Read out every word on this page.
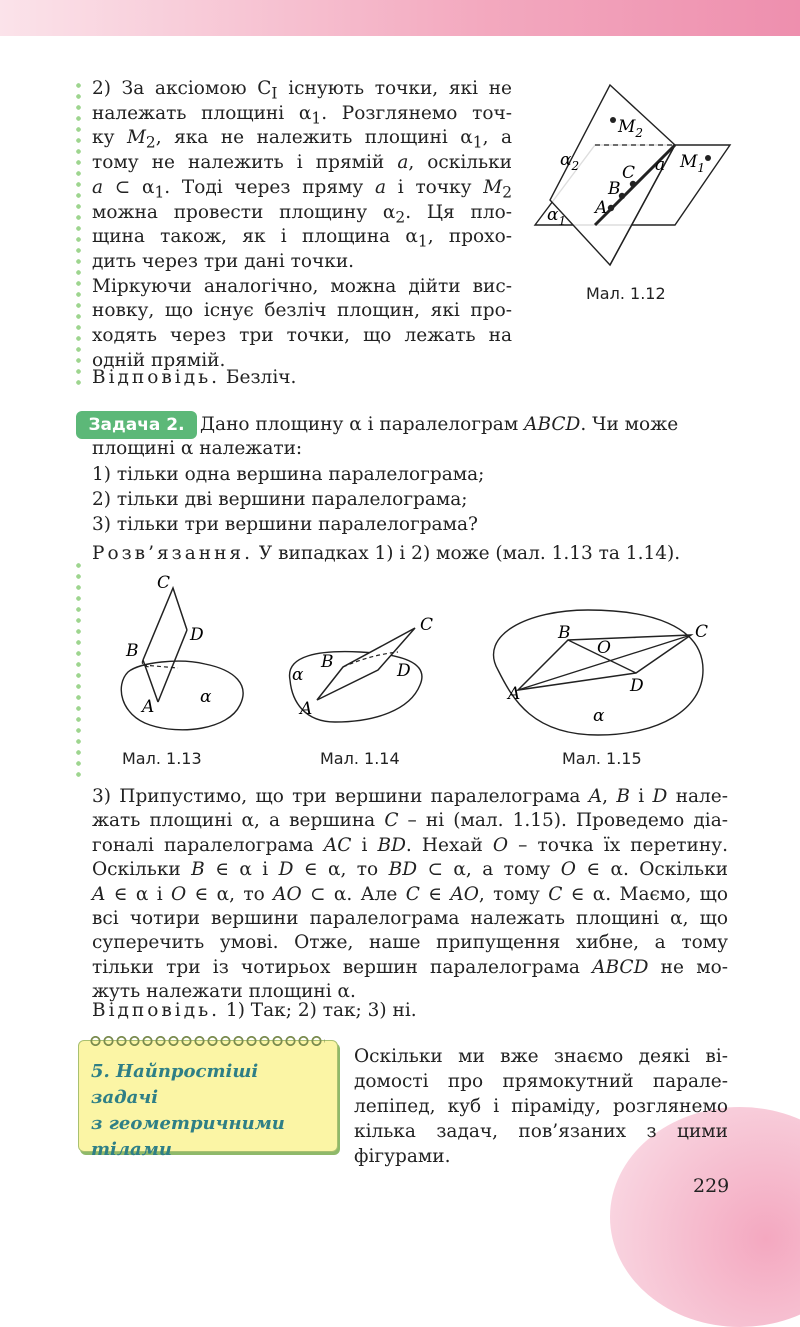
2) За аксіомою $C_I$ існують точки, які не

належать площині $\alpha_1$. Розглянемо точ-

ку $M_2$, яка не належить площині $\alpha_1$, а

тому не належить і прямій a, оскільки

a ⊂ $\alpha_1$. Тоді через пряму a і точку $M_2$

можна провести площину $\alpha_2$. Ця пло-

щина також, як і площина $\alpha_1$, прохо-

дить через три дані точки.

Міркуючи аналогічно, можна дійти вис-

новку, що існує безліч площин, які про-

ходять через три точки, що лежать на

одній прямій.

Відповідь. Безліч.

$M_2$
$M_1$
$\alpha_2$
$\alpha_1$
a
A
B
C
Мал. 1.12
Задача 2. Дано площину α і паралелограм ABCD. Чи може

площині α належати:

1) тільки одна вершина паралелограма;

2) тільки дві вершини паралелограма;

3) тільки три вершини паралелограма?

Розв’язання. У випадках 1) і 2) може (мал. 1.13 та 1.14).

C
D
B
A	α
Мал. 1.13
C
D
B
A
α
Мал. 1.14
C
B
O
D
A
α
Мал. 1.15

3) Припустимо, що три вершини паралелограма A, B і D нале-

жать площині α, а вершина C – ні (мал. 1.15). Проведемо діа-

гоналі паралелограма AC і BD. Нехай O – точка їх перетину.

Оскільки B ∈ α і D ∈ α, то BD ⊂ α, а тому O ∈ α. Оскільки

A ∈ α і O ∈ α, то AO ⊂ α. Але C ∈ AO, тому C ∈ α. Маємо, що

всі чотири вершини паралелограма належать площині α, що

суперечить умові. Отже, наше припущення хибне, а тому

тільки три із чотирьох вершин паралелограма ABCD не мо-

жуть належати площині α.

Відповідь. 1) Так; 2) так; 3) ні.

5. Найпростіші задачі
з геометричними
тілами

Оскільки ми вже знаємо деякі ві-

домості про прямокутний парале-

лепіпед, куб і піраміду, розглянемо

кілька задач, пов’язаних з цими

фігурами.

229
